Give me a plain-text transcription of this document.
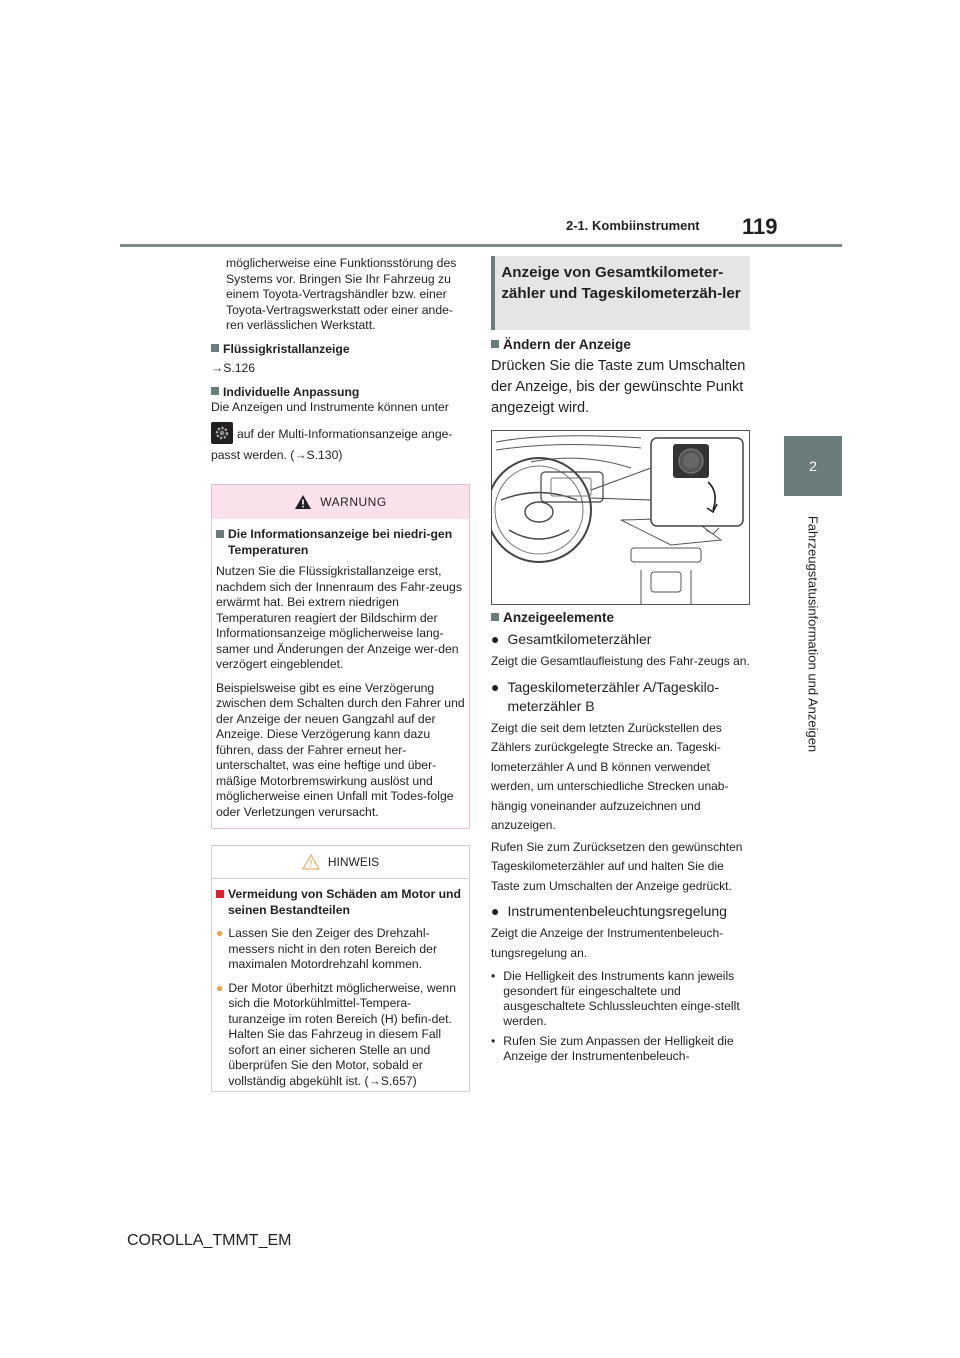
2-1. Kombiinstrument 119
2
Fahrzeugstatusinformation und Anzeigen

möglicherweise eine Funktionsstörung des Systems vor. Bringen Sie Ihr Fahrzeug zu einem Toyota-Vertragshändler bzw. einer Toyota-Vertragswerkstatt oder einer ande-ren verlässlichen Werkstatt.

Flüssigkristallanzeige

→S.126

Individuelle Anpassung

Die Anzeigen und Instrumente können unter

auf der Multi-Informationsanzeige ange-

passt werden. (→S.130)

WARNUNG
Die Informationsanzeige bei niedri-gen Temperaturen

Nutzen Sie die Flüssigkristallanzeige erst, nachdem sich der Innenraum des Fahr-zeugs erwärmt hat. Bei extrem niedrigen Temperaturen reagiert der Bildschirm der Informationsanzeige möglicherweise lang-samer und Änderungen der Anzeige wer-den verzögert eingeblendet.

Beispielsweise gibt es eine Verzögerung zwischen dem Schalten durch den Fahrer und der Anzeige der neuen Gangzahl auf der Anzeige. Diese Verzögerung kann dazu führen, dass der Fahrer erneut her-unterschaltet, was eine heftige und über-mäßige Motorbremswirkung auslöst und möglicherweise einen Unfall mit Todes-folge oder Verletzungen verursacht.

HINWEIS
Vermeidung von Schäden am Motor und seinen Bestandteilen

● Lassen Sie den Zeiger des Drehzahl-messers nicht in den roten Bereich der maximalen Motordrehzahl kommen.

● Der Motor überhitzt möglicherweise, wenn sich die Motorkühlmittel-Tempera-turanzeige im roten Bereich (H) befin-det. Halten Sie das Fahrzeug in diesem Fall sofort an einer sicheren Stelle an und überprüfen Sie den Motor, sobald er vollständig abgekühlt ist. (→S.657)

Anzeige von Gesamtkilometer-zähler und Tageskilometerzäh-ler
Ändern der Anzeige

Drücken Sie die Taste zum Umschalten der Anzeige, bis der gewünschte Punkt angezeigt wird.

Anzeigeelemente
● Gesamtkilometerzähler

Zeigt die Gesamtlaufleistung des Fahr-zeugs an.

● Tageskilometerzähler A/Tageskilo-meterzähler B

Zeigt die seit dem letzten Zurückstellen des Zählers zurückgelegte Strecke an. Tageski-lometerzähler A und B können verwendet werden, um unterschiedliche Strecken unab-hängig voneinander aufzuzeichnen und anzuzeigen.

Rufen Sie zum Zurücksetzen den gewünschten Tageskilometerzähler auf und halten Sie die Taste zum Umschalten der Anzeige gedrückt.

● Instrumentenbeleuchtungsregelung

Zeigt die Anzeige der Instrumentenbeleuch-tungsregelung an.

• Die Helligkeit des Instruments kann jeweils gesondert für eingeschaltete und ausgeschaltete Schlussleuchten einge-stellt werden.

• Rufen Sie zum Anpassen der Helligkeit die Anzeige der Instrumentenbeleuch-

COROLLA_TMMT_EM
